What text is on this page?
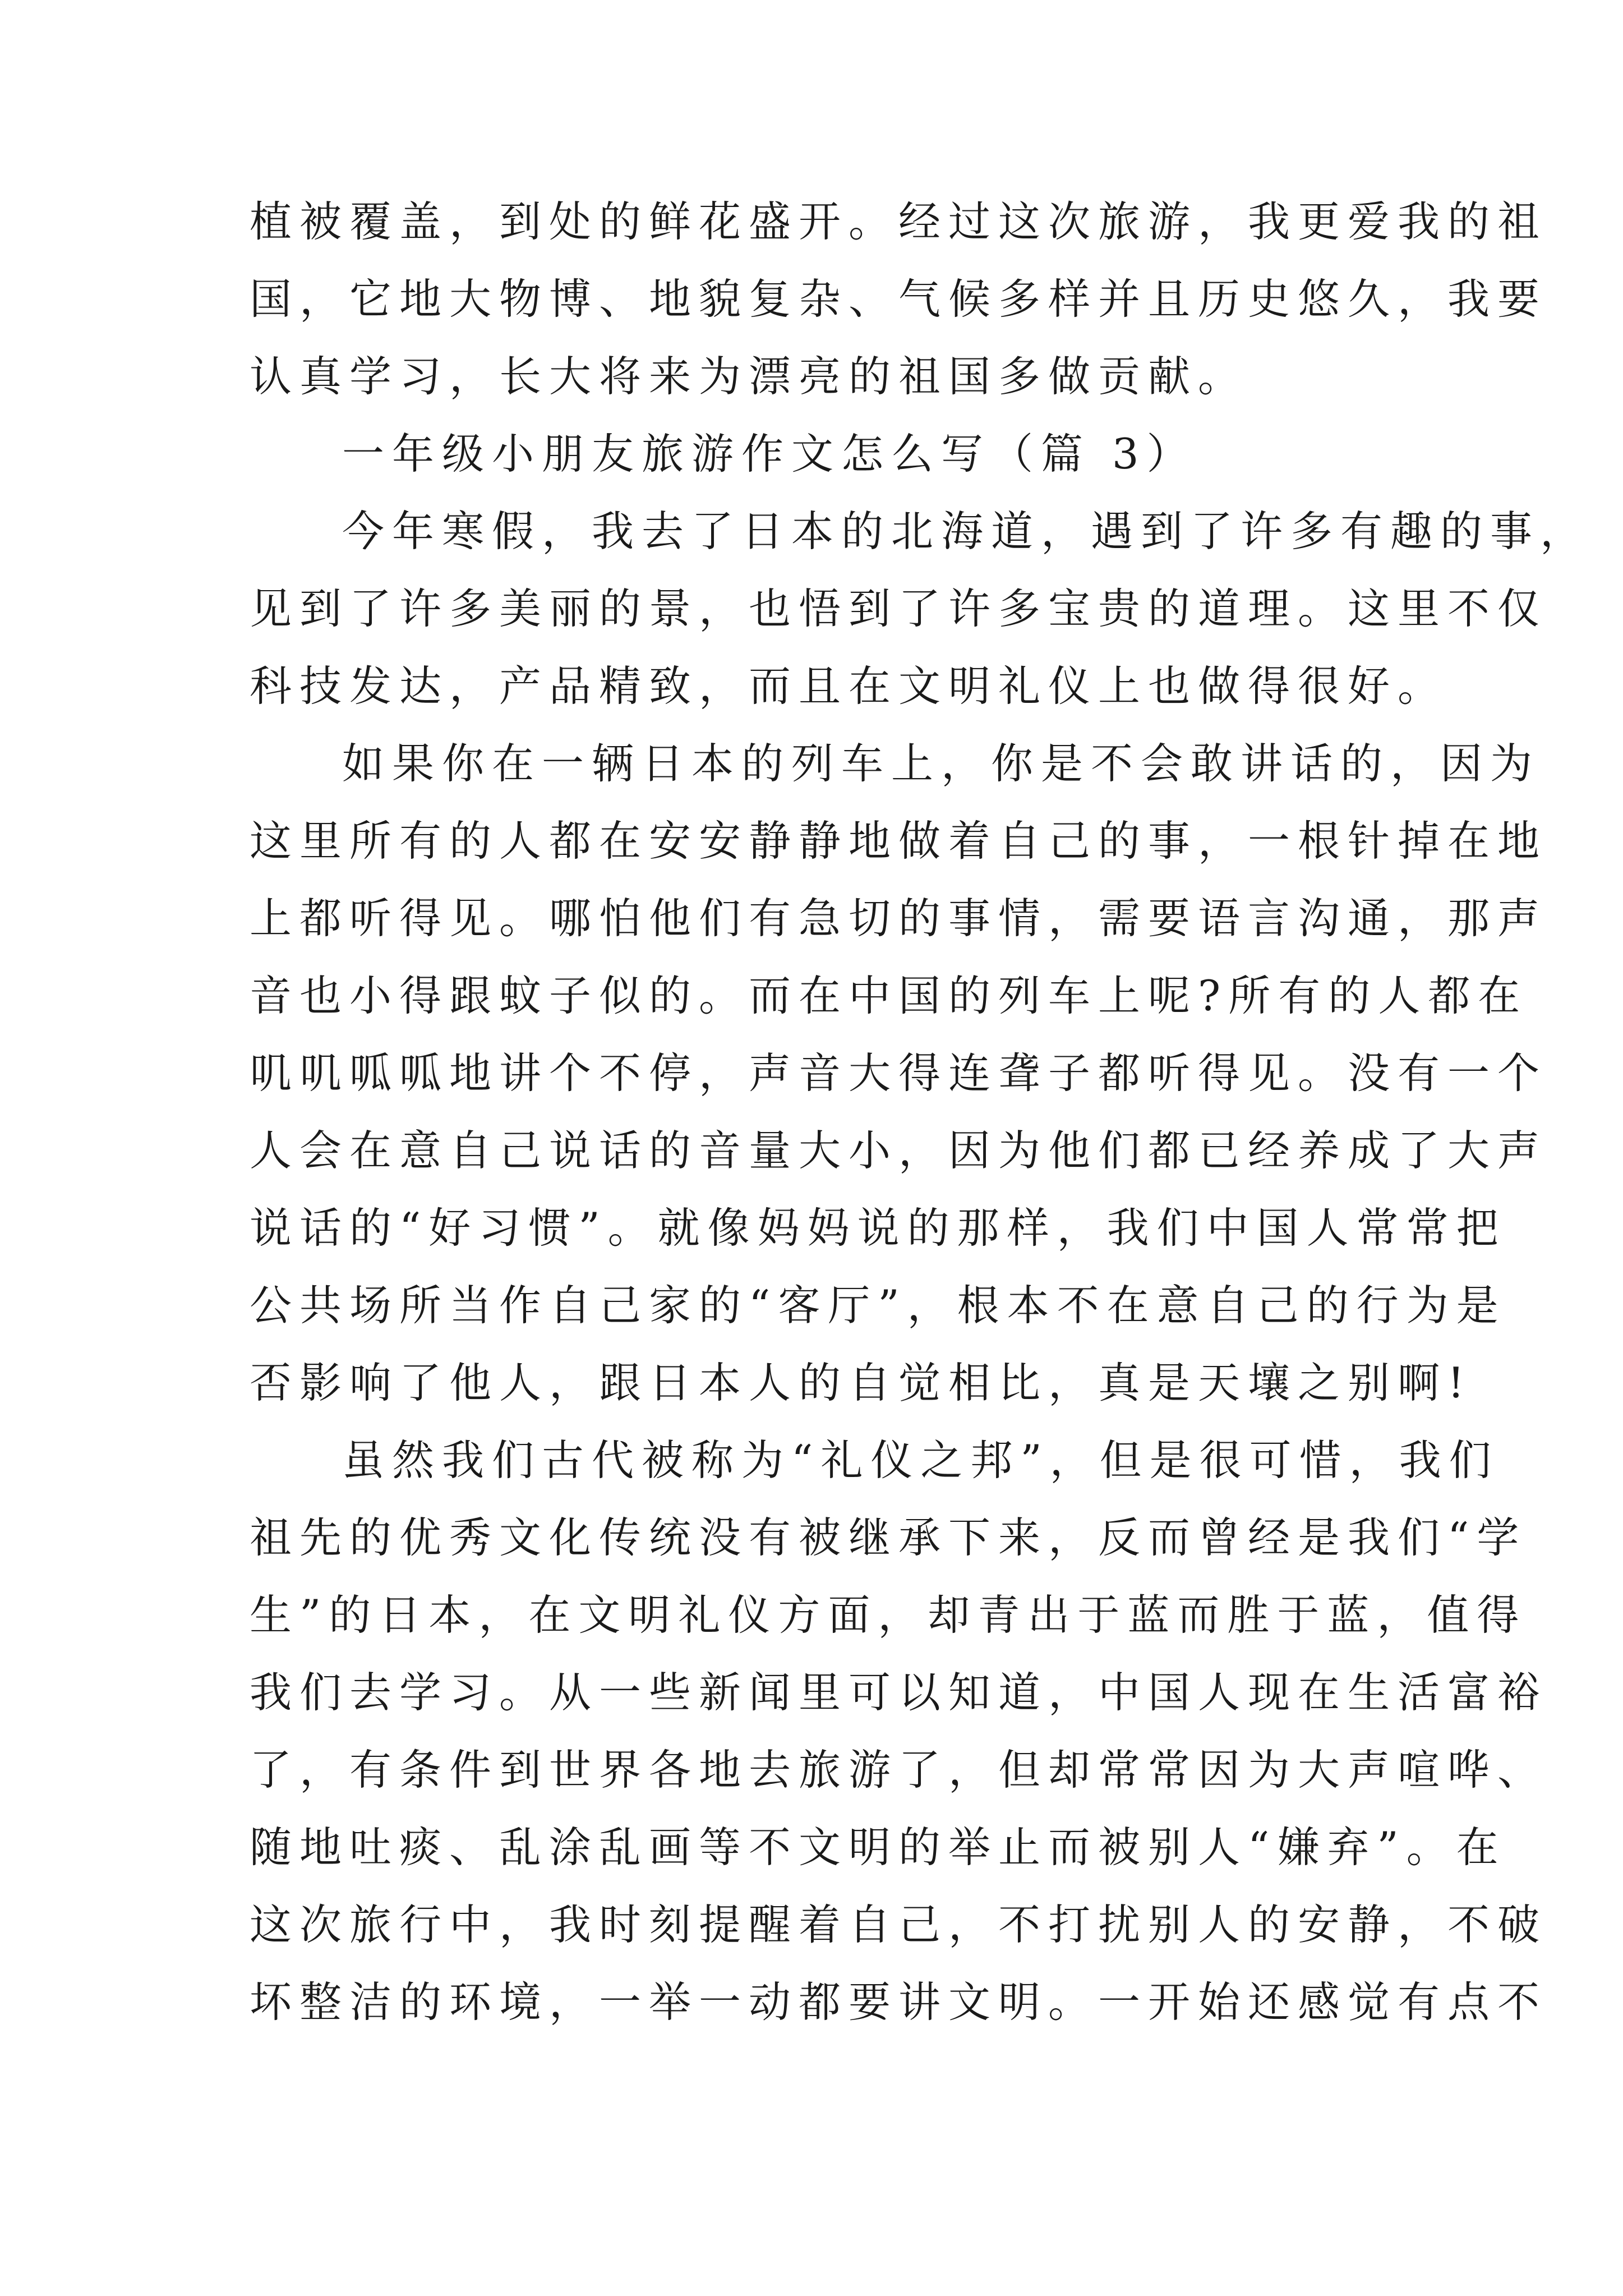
植被覆盖，到处的鲜花盛开。经过这次旅游，我更爱我的祖
国，它地大物博、地貌复杂、气候多样并且历史悠久，我要
认真学习，长大将来为漂亮的祖国多做贡献。
一年级小朋友旅游作文怎么写（篇 3）
今年寒假，我去了日本的北海道，遇到了许多有趣的事，
见到了许多美丽的景，也悟到了许多宝贵的道理。这里不仅
科技发达，产品精致，而且在文明礼仪上也做得很好。
如果你在一辆日本的列车上，你是不会敢讲话的，因为
这里所有的人都在安安静静地做着自己的事，一根针掉在地
上都听得见。哪怕他们有急切的事情，需要语言沟通，那声
音也小得跟蚊子似的。而在中国的列车上呢?所有的人都在
叽叽呱呱地讲个不停，声音大得连聋子都听得见。没有一个
人会在意自己说话的音量大小，因为他们都已经养成了大声
说话的“好习惯”。就像妈妈说的那样，我们中国人常常把
公共场所当作自己家的“客厅”，根本不在意自己的行为是
否影响了他人，跟日本人的自觉相比，真是天壤之别啊!
虽然我们古代被称为“礼仪之邦”，但是很可惜，我们
祖先的优秀文化传统没有被继承下来，反而曾经是我们“学
生”的日本，在文明礼仪方面，却青出于蓝而胜于蓝，值得
我们去学习。从一些新闻里可以知道，中国人现在生活富裕
了，有条件到世界各地去旅游了，但却常常因为大声喧哗、
随地吐痰、乱涂乱画等不文明的举止而被别人“嫌弃”。在
这次旅行中，我时刻提醒着自己，不打扰别人的安静，不破
坏整洁的环境，一举一动都要讲文明。一开始还感觉有点不
